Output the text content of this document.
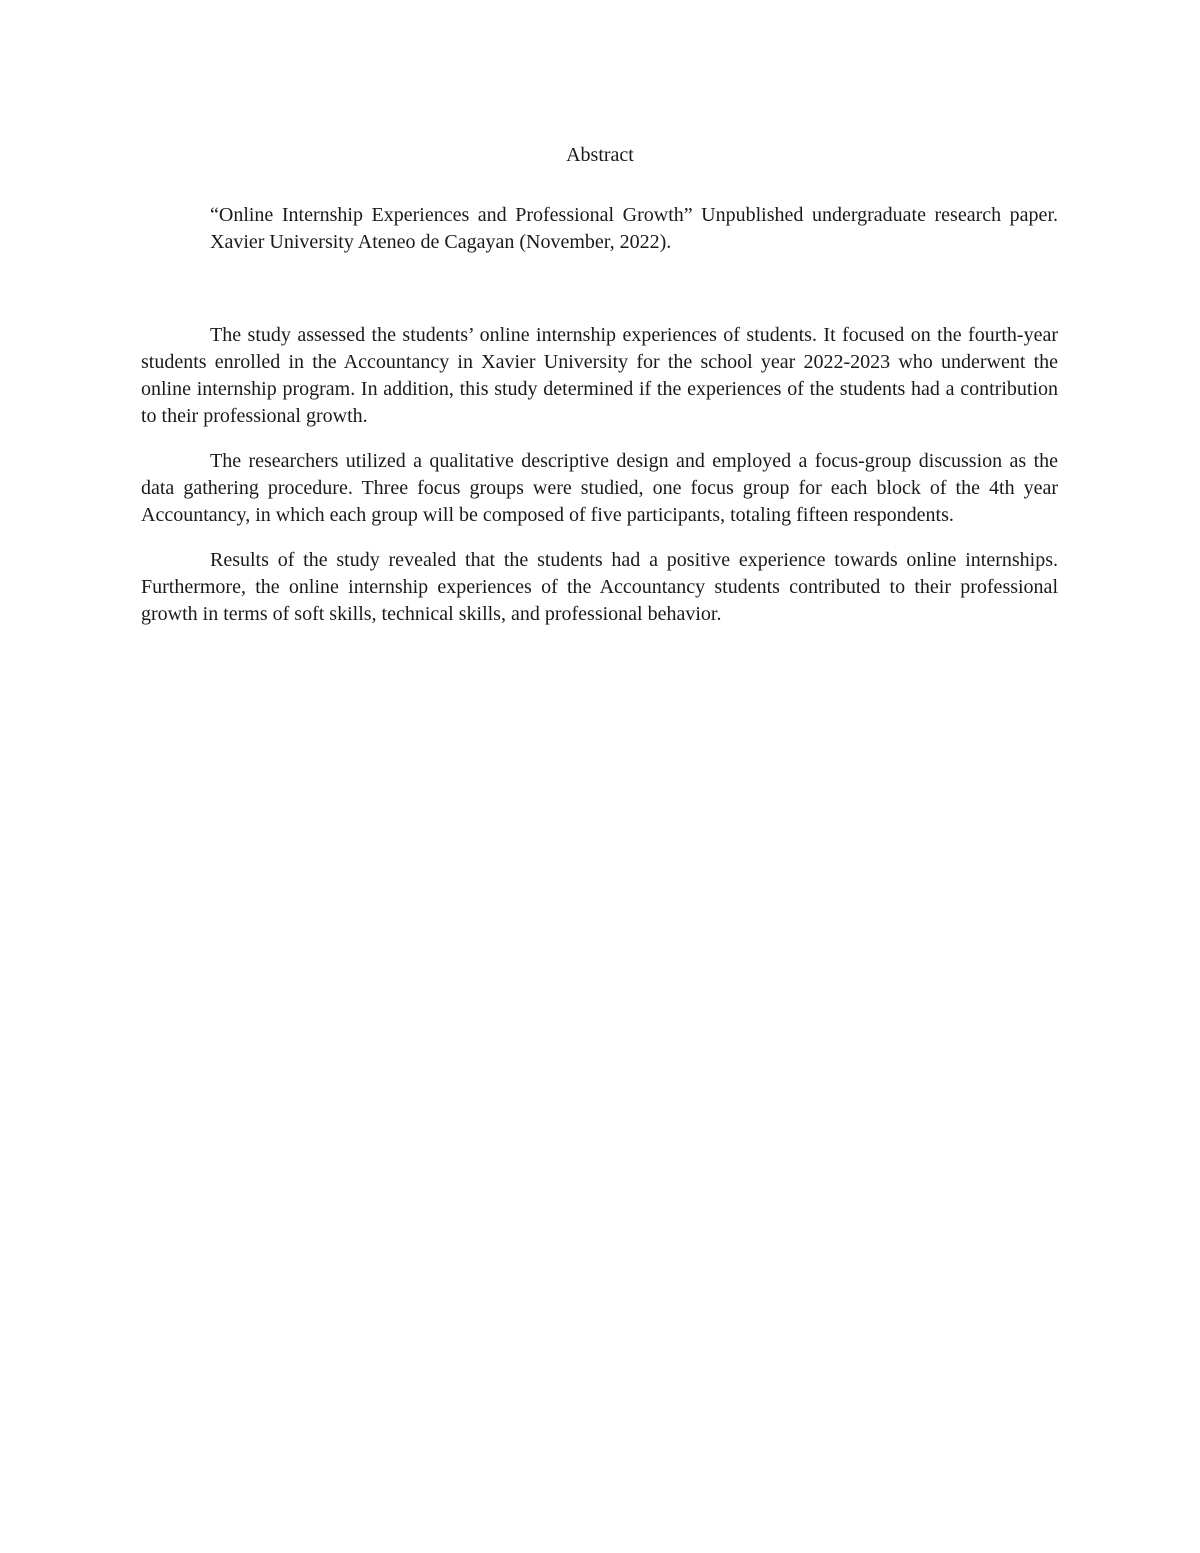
Abstract

“Online Internship Experiences and Professional Growth” Unpublished undergraduate research paper. Xavier University Ateneo de Cagayan (November, 2022).

The study assessed the students’ online internship experiences of students. It focused on the fourth-year students enrolled in the Accountancy in Xavier University for the school year 2022-2023 who underwent the online internship program. In addition, this study determined if the experiences of the students had a contribution to their professional growth.

The researchers utilized a qualitative descriptive design and employed a focus-group discussion as the data gathering procedure. Three focus groups were studied, one focus group for each block of the 4th year Accountancy, in which each group will be composed of five participants, totaling fifteen respondents.

Results of the study revealed that the students had a positive experience towards online internships. Furthermore, the online internship experiences of the Accountancy students contributed to their professional growth in terms of soft skills, technical skills, and professional behavior.
